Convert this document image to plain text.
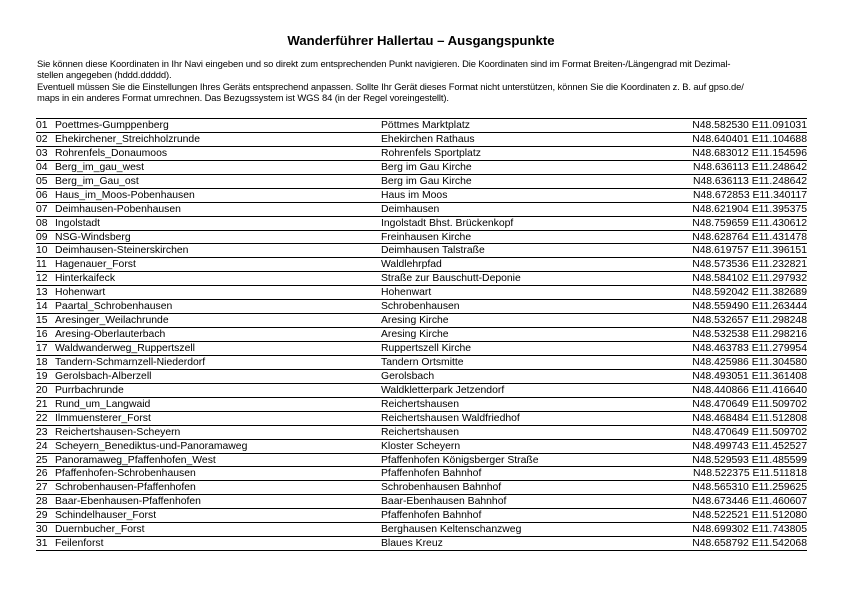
Wanderführer Hallertau – Ausgangspunkte

Sie können diese Koordinaten in Ihr Navi eingeben und so direkt zum entsprechenden Punkt navigieren. Die Koordinaten sind im Format Breiten-/Längengrad mit Dezimal-

stellen angegeben (hddd.ddddd).

Eventuell müssen Sie die Einstellungen Ihres Geräts entsprechend anpassen. Sollte Ihr Gerät dieses Format nicht unterstützen, können Sie die Koordinaten z. B. auf gpso.de/

maps in ein anderes Format umrechnen. Das Bezugssystem ist WGS 84 (in der Regel voreingestellt).

01 Poettmes-Gumppenberg	Pöttmes Marktplatz	N48.582530 E11.091031
02 Ehekirchener_Streichholzrunde	Ehekirchen Rathaus	N48.640401 E11.104688
03 Rohrenfels_Donaumoos	Rohrenfels Sportplatz	N48.683012 E11.154596
04 Berg_im_gau_west	Berg im Gau Kirche	N48.636113 E11.248642
05 Berg_im_Gau_ost	Berg im Gau Kirche	N48.636113 E11.248642
06 Haus_im_Moos-Pobenhausen	Haus im Moos	N48.672853 E11.340117
07 Deimhausen-Pobenhausen	Deimhausen	N48.621904 E11.395375
08 Ingolstadt	Ingolstadt Bhst. Brückenkopf	N48.759659 E11.430612
09 NSG-Windsberg	Freinhausen Kirche	N48.628764 E11.431478
10 Deimhausen-Steinerskirchen	Deimhausen Talstraße	N48.619757 E11.396151
11 Hagenauer_Forst	Waldlehrpfad	N48.573536 E11.232821
12 Hinterkaifeck	Straße zur Bauschutt-Deponie	N48.584102 E11.297932
13 Hohenwart	Hohenwart	N48.592042 E11.382689
14 Paartal_Schrobenhausen	Schrobenhausen	N48.559490 E11.263444
15 Aresinger_Weilachrunde	Aresing Kirche	N48.532657 E11.298248
16 Aresing-Oberlauterbach	Aresing Kirche	N48.532538 E11.298216
17 Waldwanderweg_Ruppertszell	Ruppertszell Kirche	N48.463783 E11.279954
18 Tandern-Schmarnzell-Niederdorf	Tandern Ortsmitte	N48.425986 E11.304580
19 Gerolsbach-Alberzell	Gerolsbach	N48.493051 E11.361408
20 Purrbachrunde	Waldkletterpark Jetzendorf	N48.440866 E11.416640
21 Rund_um_Langwaid	Reichertshausen	N48.470649 E11.509702
22 Ilmmuensterer_Forst	Reichertshausen Waldfriedhof	N48.468484 E11.512808
23 Reichertshausen-Scheyern	Reichertshausen	N48.470649 E11.509702
24 Scheyern_Benediktus-und-Panoramaweg	Kloster Scheyern	N48.499743 E11.452527
25 Panoramaweg_Pfaffenhofen_West	Pfaffenhofen Königsberger Straße	N48.529593 E11.485599
26 Pfaffenhofen-Schrobenhausen	Pfaffenhofen Bahnhof	N48.522375 E11.511818
27 Schrobenhausen-Pfaffenhofen	Schrobenhausen Bahnhof	N48.565310 E11.259625
28 Baar-Ebenhausen-Pfaffenhofen	Baar-Ebenhausen Bahnhof	N48.673446 E11.460607
29 Schindelhauser_Forst	Pfaffenhofen Bahnhof	N48.522521 E11.512080
30 Duernbucher_Forst	Berghausen Keltenschanzweg	N48.699302 E11.743805
31 Feilenforst	Blaues Kreuz	N48.658792 E11.542068
